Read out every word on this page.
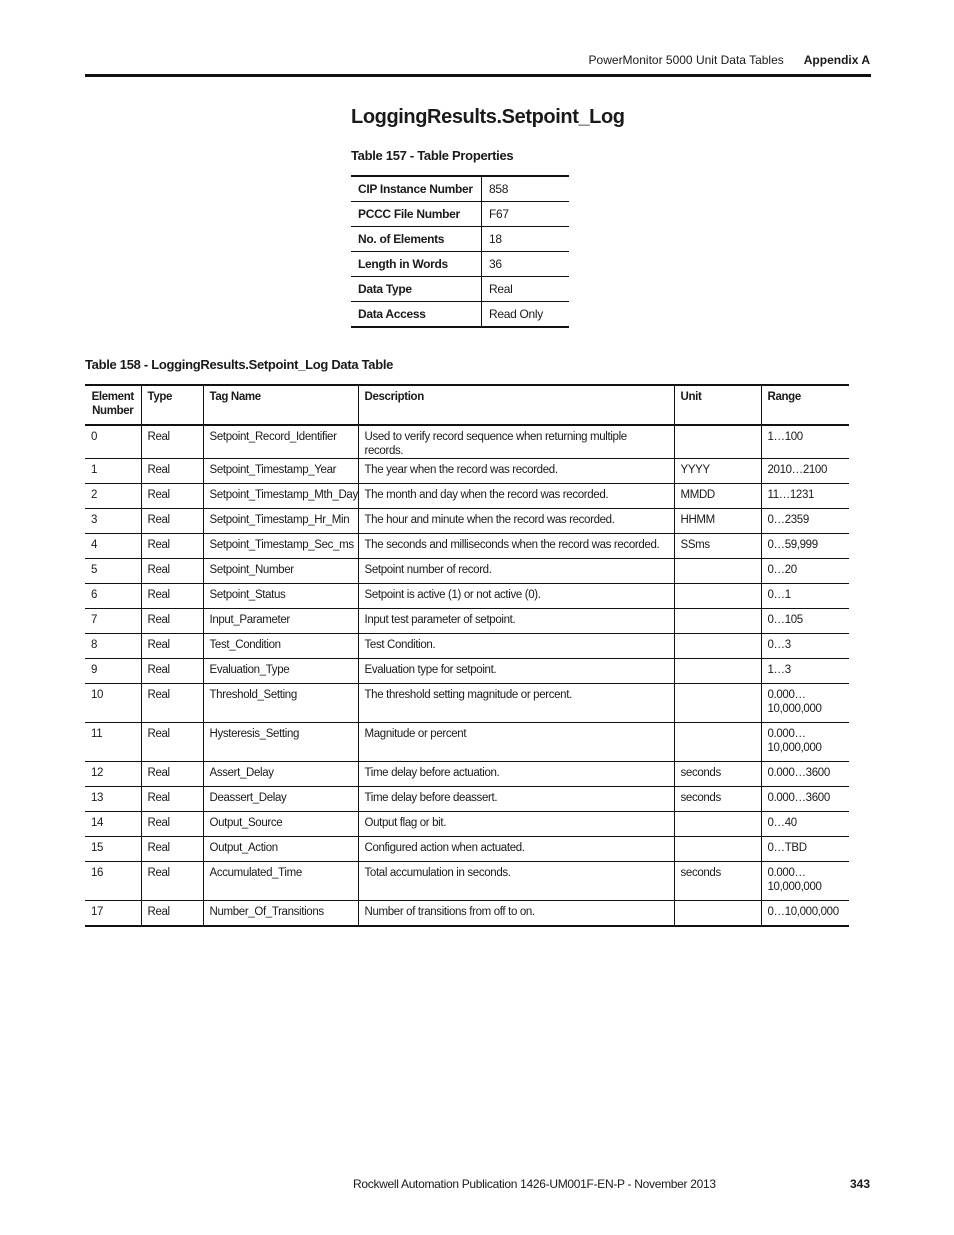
PowerMonitor 5000 Unit Data Tables Appendix A
LoggingResults.Setpoint_Log
Table 157 - Table Properties
CIP Instance Number	858
PCCC File Number	F67
No. of Elements	18
Length in Words	36
Data Type	Real
Data Access	Read Only
Table 158 - LoggingResults.Setpoint_Log Data Table
Element Number	Type	Tag Name	Description	Unit	Range
0	Real	Setpoint_Record_Identifier	Used to verify record sequence when returning multiple records.		1…100
1	Real	Setpoint_Timestamp_Year	The year when the record was recorded.	YYYY	2010…2100
2	Real	Setpoint_Timestamp_Mth_Day	The month and day when the record was recorded.	MMDD	11…1231
3	Real	Setpoint_Timestamp_Hr_Min	The hour and minute when the record was recorded.	HHMM	0…2359
4	Real	Setpoint_Timestamp_Sec_ms	The seconds and milliseconds when the record was recorded.	SSms	0…59,999
5	Real	Setpoint_Number	Setpoint number of record.		0…20
6	Real	Setpoint_Status	Setpoint is active (1) or not active (0).		0…1
7	Real	Input_Parameter	Input test parameter of setpoint.		0…105
8	Real	Test_Condition	Test Condition.		0…3
9	Real	Evaluation_Type	Evaluation type for setpoint.		1…3
10	Real	Threshold_Setting	The threshold setting magnitude or percent.		0.000… 10,000,000
11	Real	Hysteresis_Setting	Magnitude or percent		0.000… 10,000,000
12	Real	Assert_Delay	Time delay before actuation.	seconds	0.000…3600
13	Real	Deassert_Delay	Time delay before deassert.	seconds	0.000…3600
14	Real	Output_Source	Output flag or bit.		0…40
15	Real	Output_Action	Configured action when actuated.		0…TBD
16	Real	Accumulated_Time	Total accumulation in seconds.	seconds	0.000… 10,000,000
17	Real	Number_Of_Transitions	Number of transitions from off to on.		0…10,000,000
Rockwell Automation Publication 1426-UM001F-EN-P - November 2013	343
